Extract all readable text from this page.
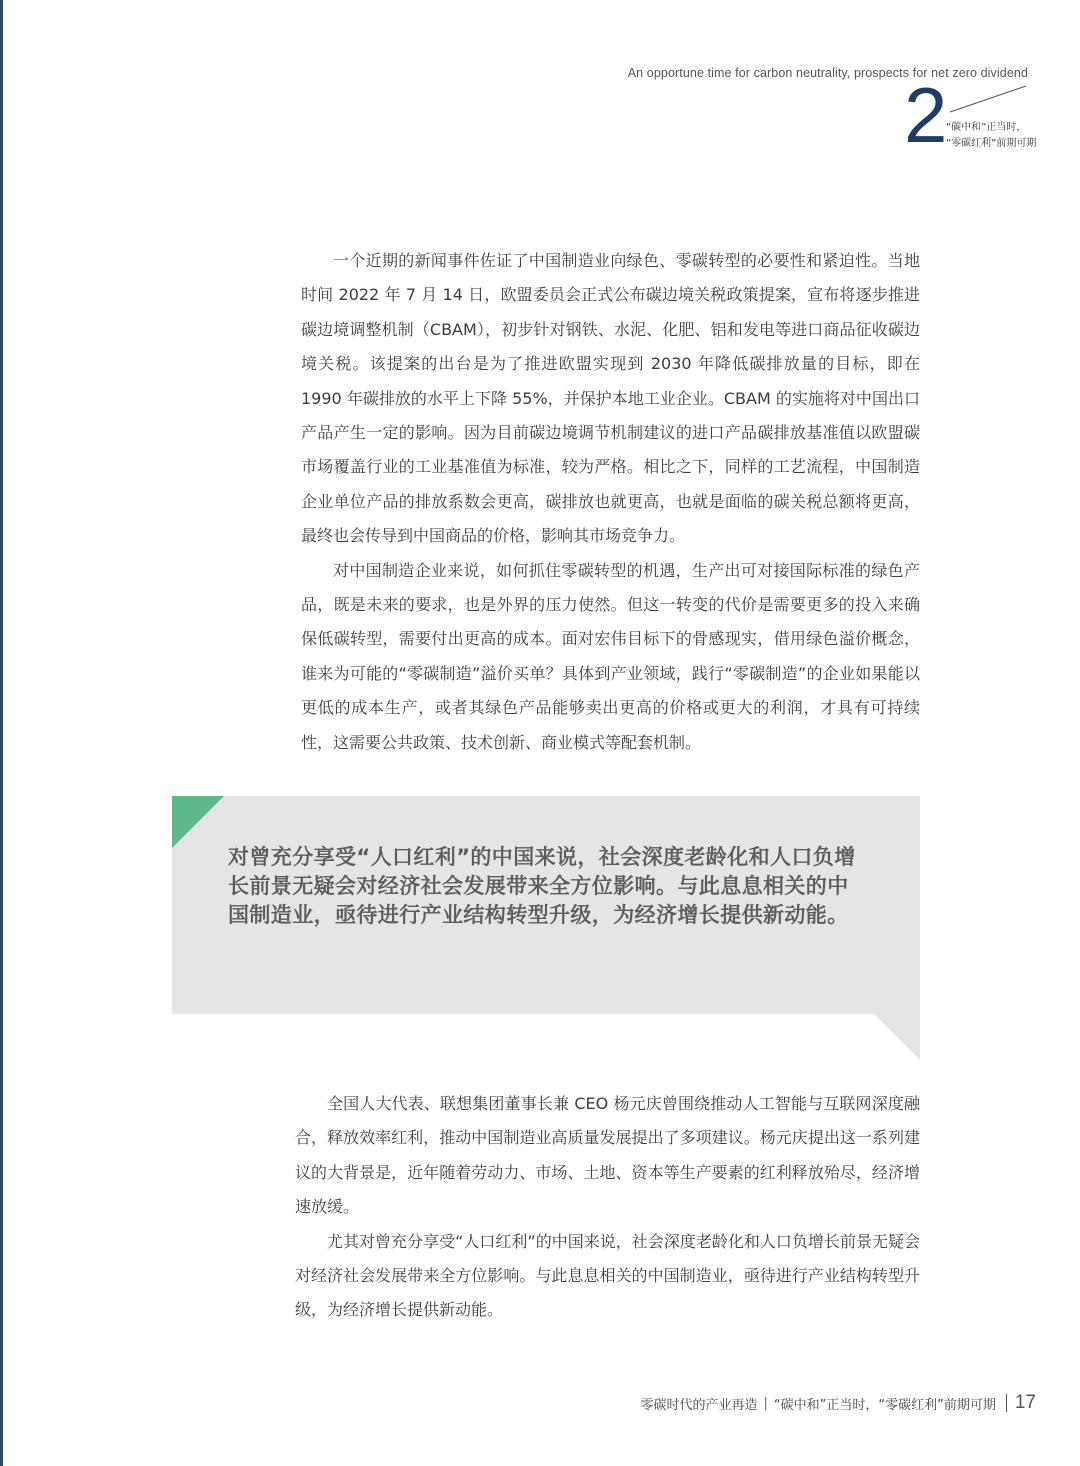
An opportune time for carbon neutrality, prospects for net zero dividend
2
“碳中和”正当时，
“零碳红利”前期可期

一个近期的新闻事件佐证了中国制造业向绿色、零碳转型的必要性和紧迫性。当地时间 2022 年 7 月 14 日，欧盟委员会正式公布碳边境关税政策提案，宣布将逐步推进碳边境调整机制（CBAM），初步针对钢铁、水泥、化肥、铝和发电等进口商品征收碳边境关税。该提案的出台是为了推进欧盟实现到 2030 年降低碳排放量的目标，即在 1990 年碳排放的水平上下降 55%，并保护本地工业企业。CBAM 的实施将对中国出口产品产生一定的影响。因为目前碳边境调节机制建议的进口产品碳排放基准值以欧盟碳市场覆盖行业的工业基准值为标准，较为严格。相比之下，同样的工艺流程，中国制造企业单位产品的排放系数会更高，碳排放也就更高，也就是面临的碳关税总额将更高，最终也会传导到中国商品的价格，影响其市场竞争力。

对中国制造企业来说，如何抓住零碳转型的机遇，生产出可对接国际标准的绿色产品，既是未来的要求，也是外界的压力使然。但这一转变的代价是需要更多的投入来确保低碳转型，需要付出更高的成本。面对宏伟目标下的骨感现实，借用绿色溢价概念，谁来为可能的“零碳制造”溢价买单？具体到产业领域，践行“零碳制造”的企业如果能以更低的成本生产，或者其绿色产品能够卖出更高的价格或更大的利润，才具有可持续性，这需要公共政策、技术创新、商业模式等配套机制。

对曾充分享受“人口红利”的中国来说，社会深度老龄化和人口负增长前景无疑会对经济社会发展带来全方位影响。与此息息相关的中国制造业，亟待进行产业结构转型升级，为经济增长提供新动能。

全国人大代表、联想集团董事长兼 CEO 杨元庆曾围绕推动人工智能与互联网深度融合，释放效率红利，推动中国制造业高质量发展提出了多项建议。杨元庆提出这一系列建议的大背景是，近年随着劳动力、市场、土地、资本等生产要素的红利释放殆尽，经济增速放缓。

尤其对曾充分享受“人口红利”的中国来说，社会深度老龄化和人口负增长前景无疑会对经济社会发展带来全方位影响。与此息息相关的中国制造业，亟待进行产业结构转型升级，为经济增长提供新动能。

零碳时代的产业再造 | “碳中和”正当时，“零碳红利”前期可期 17
